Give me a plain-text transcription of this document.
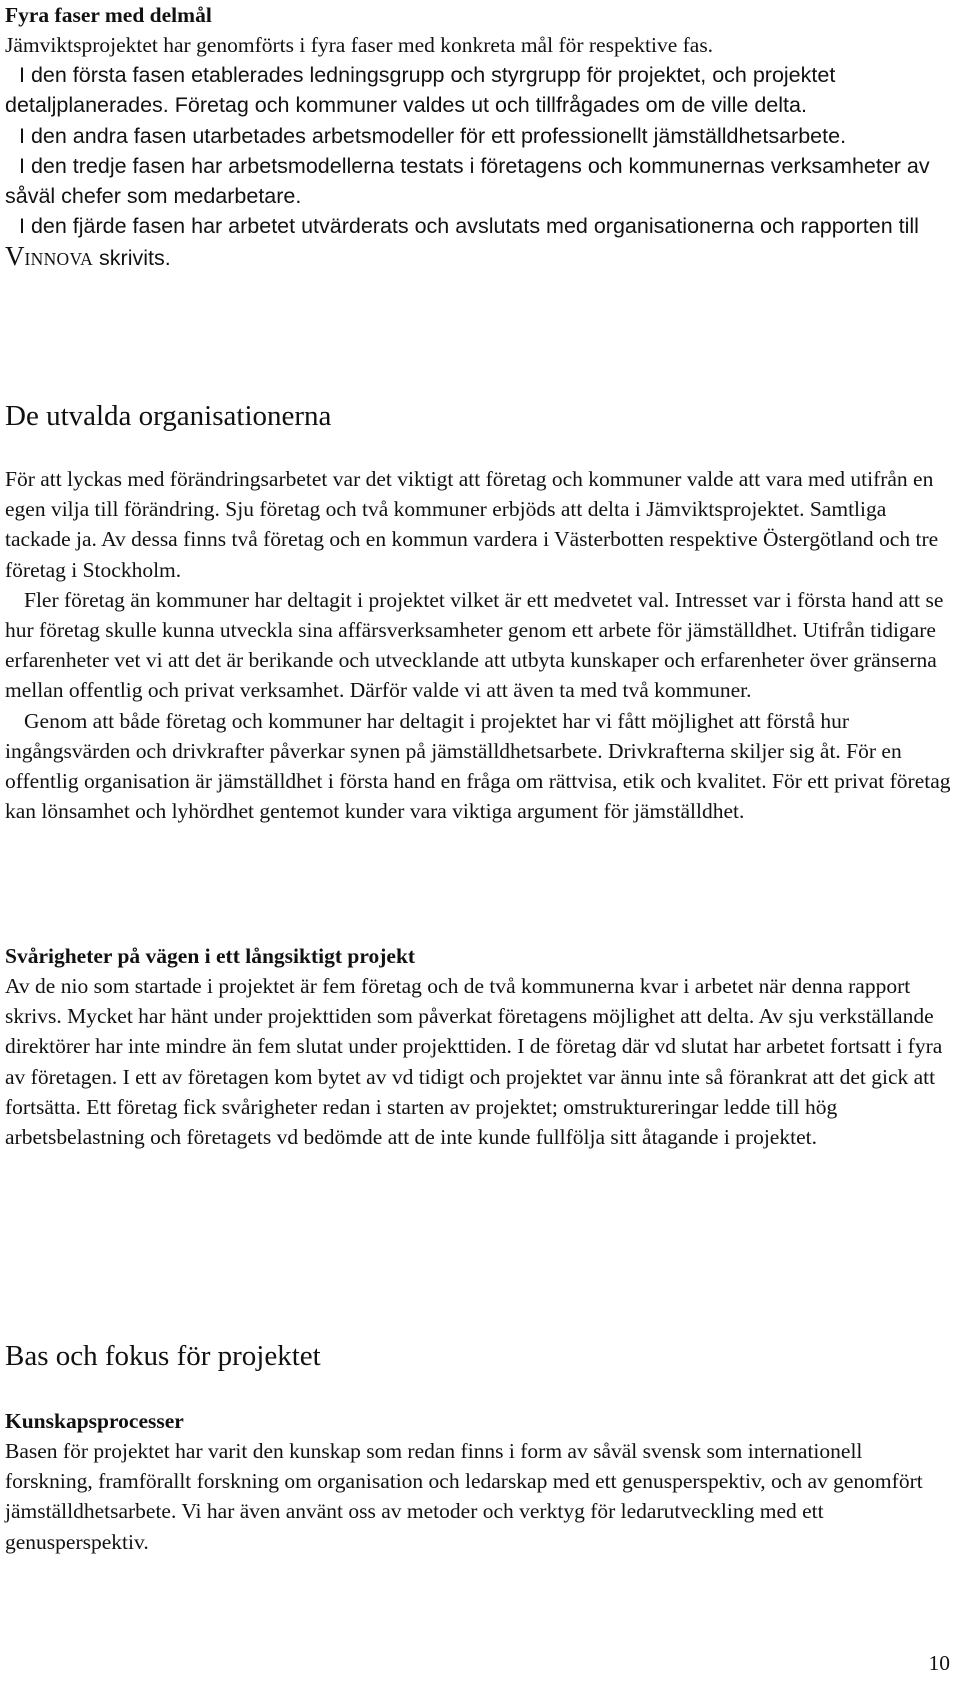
Fyra faser med delmål

Jämviktsprojektet har genomförts i fyra faser med konkreta mål för respektive fas.

I den första fasen etablerades ledningsgrupp och styrgrupp för projektet, och projektet detaljplanerades. Företag och kommuner valdes ut och tillfrågades om de ville delta.

I den andra fasen utarbetades arbetsmodeller för ett professionellt jämställdhetsarbete.

I den tredje fasen har arbetsmodellerna testats i företagens och kommunernas verksamheter av såväl chefer som medarbetare.

I den fjärde fasen har arbetet utvärderats och avslutats med organisationerna och rapporten till VINNOVA skrivits.

De utvalda organisationerna

För att lyckas med förändringsarbetet var det viktigt att företag och kommuner valde att vara med utifrån en egen vilja till förändring. Sju företag och två kommuner erbjöds att delta i Jämviktsprojektet. Samtliga tackade ja. Av dessa finns två företag och en kommun vardera i Västerbotten respektive Östergötland och tre företag i Stockholm.

Fler företag än kommuner har deltagit i projektet vilket är ett medvetet val. Intresset var i första hand att se hur företag skulle kunna utveckla sina affärsverksamheter genom ett arbete för jämställdhet. Utifrån tidigare erfarenheter vet vi att det är berikande och utvecklande att utbyta kunskaper och erfarenheter över gränserna mellan offentlig och privat verksamhet. Därför valde vi att även ta med två kommuner.

Genom att både företag och kommuner har deltagit i projektet har vi fått möjlighet att förstå hur ingångsvärden och drivkrafter påverkar synen på jämställdhetsarbete. Drivkrafterna skiljer sig åt. För en offentlig organisation är jämställdhet i första hand en fråga om rättvisa, etik och kvalitet. För ett privat företag kan lönsamhet och lyhördhet gentemot kunder vara viktiga argument för jämställdhet.

Svårigheter på vägen i ett långsiktigt projekt

Av de nio som startade i projektet är fem företag och de två kommunerna kvar i arbetet när denna rapport skrivs. Mycket har hänt under projekttiden som påverkat företagens möjlighet att delta. Av sju verkställande direktörer har inte mindre än fem slutat under projekttiden. I de företag där vd slutat har arbetet fortsatt i fyra av företagen. I ett av företagen kom bytet av vd tidigt och projektet var ännu inte så förankrat att det gick att fortsätta. Ett företag fick svårigheter redan i starten av projektet; omstruktureringar ledde till hög arbetsbelastning och företagets vd bedömde att de inte kunde fullfölja sitt åtagande i projektet.

Bas och fokus för projektet
Kunskapsprocesser

Basen för projektet har varit den kunskap som redan finns i form av såväl svensk som internationell forskning, framförallt forskning om organisation och ledarskap med ett genusperspektiv, och av genomfört jämställdhetsarbete. Vi har även använt oss av metoder och verktyg för ledarutveckling med ett genusperspektiv.

10
